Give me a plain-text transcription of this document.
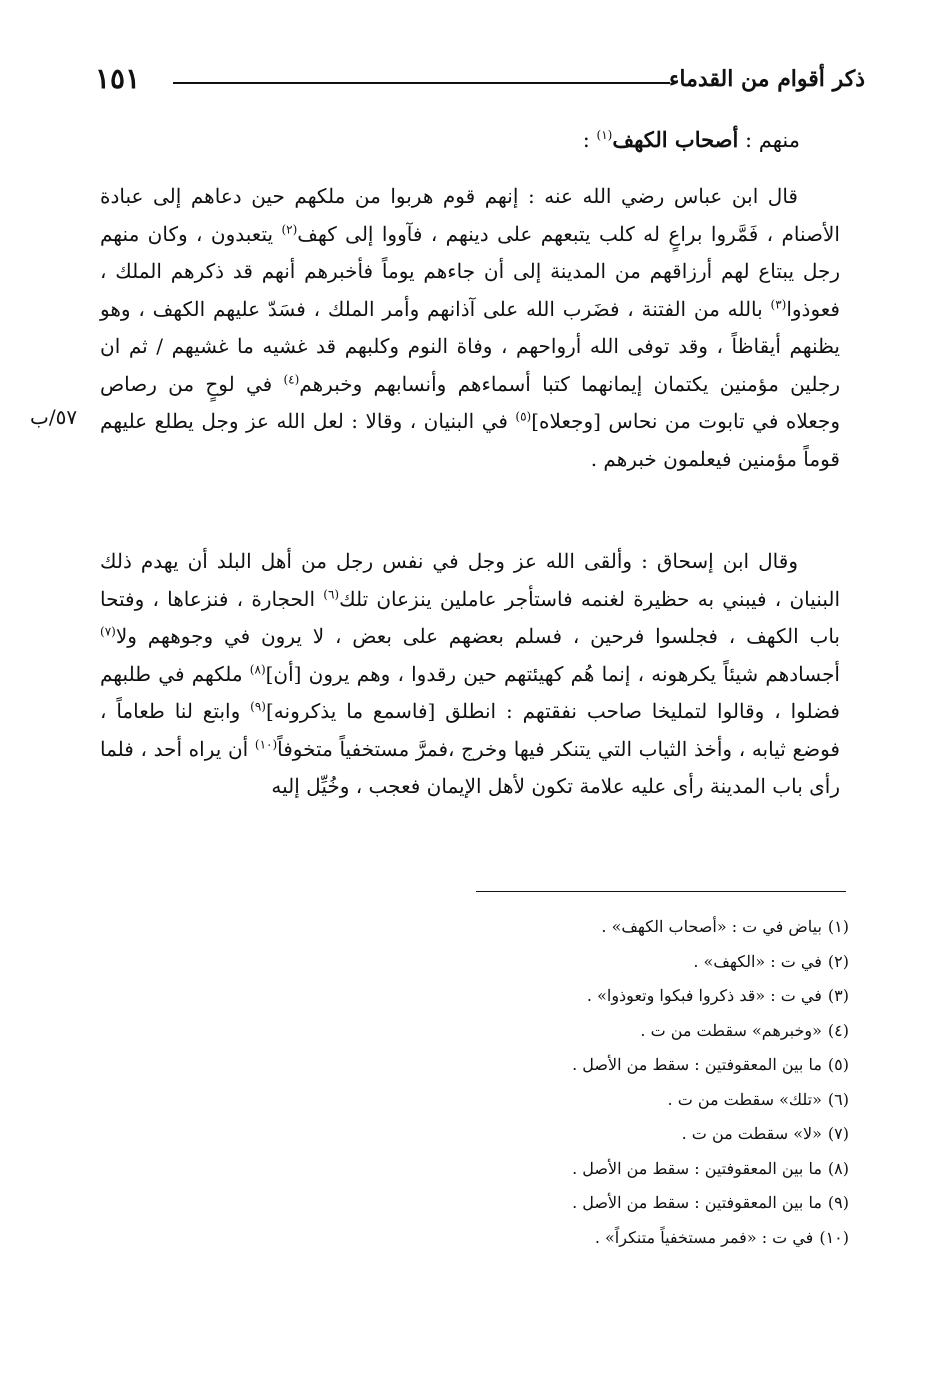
ذكر أقوام من القدماء
١٥١
منهم : أصحاب الكهف$^{(١)}$ :
٥٧/ب
قال ابن عباس رضي الله عنه : إنهم قوم هربوا من ملكهم حين دعاهم إلى عبادة الأصنام ، فَمَّروا براعٍ له كلب يتبعهم على دينهم ، فآووا إلى كهف$^{(٢)}$ يتعبدون ، وكان منهم رجل يبتاع لهم أرزاقهم من المدينة إلى أن جاءهم يوماً فأخبرهم أنهم قد ذكرهم الملك ، فعوذوا$^{(٣)}$ بالله من الفتنة ، فضَرب الله على آذانهم وأمر الملك ، فسَدّ عليهم الكهف ، وهو يظنهم أيقاظاً ، وقد توفى الله أرواحهم ، وفاة النوم وكلبهم قد غشيه ما غشيهم / ثم ان رجلين مؤمنين يكتمان إيمانهما كتبا أسماءهم وأنسابهم وخبرهم$^{(٤)}$ في لوحٍ من رصاص وجعلاه في تابوت من نحاس [وجعلاه]$^{(٥)}$ في البنيان ، وقالا : لعل الله عز وجل يطلع عليهم قوماً مؤمنين فيعلمون خبرهم .
وقال ابن إسحاق : وألقى الله عز وجل في نفس رجل من أهل البلد أن يهدم ذلك البنيان ، فيبني به حظيرة لغنمه فاستأجر عاملين ينزعان تلك$^{(٦)}$ الحجارة ، فنزعاها ، وفتحا باب الكهف ، فجلسوا فرحين ، فسلم بعضهم على بعض ، لا يرون في وجوههم ولا$^{(٧)}$ أجسادهم شيئاً يكرهونه ، إنما هُم كهيئتهم حين رقدوا ، وهم يرون [أن]$^{(٨)}$ ملكهم في طلبهم فضلوا ، وقالوا لتمليخا صاحب نفقتهم : انطلق [فاسمع ما يذكرونه]$^{(٩)}$ وابتع لنا طعاماً ، فوضع ثيابه ، وأخذ الثياب التي يتنكر فيها وخرج ،فمرَّ مستخفياً متخوفاً$^{(١٠)}$ أن يراه أحد ، فلما رأى باب المدينة رأى عليه علامة تكون لأهل الإيمان فعجب ، وخُيِّل إليه
(١)بياض في ت : «أصحاب الكهف» .
(٢)في ت : «الكهف» .
(٣)في ت : «قد ذكروا فبكوا وتعوذوا» .
(٤)«وخبرهم» سقطت من ت .
(٥)ما بين المعقوفتين : سقط من الأصل .
(٦)«تلك» سقطت من ت .
(٧)«لا» سقطت من ت .
(٨)ما بين المعقوفتين : سقط من الأصل .
(٩)ما بين المعقوفتين : سقط من الأصل .
(١٠)في ت : «فمر مستخفياً متنكراً» .
